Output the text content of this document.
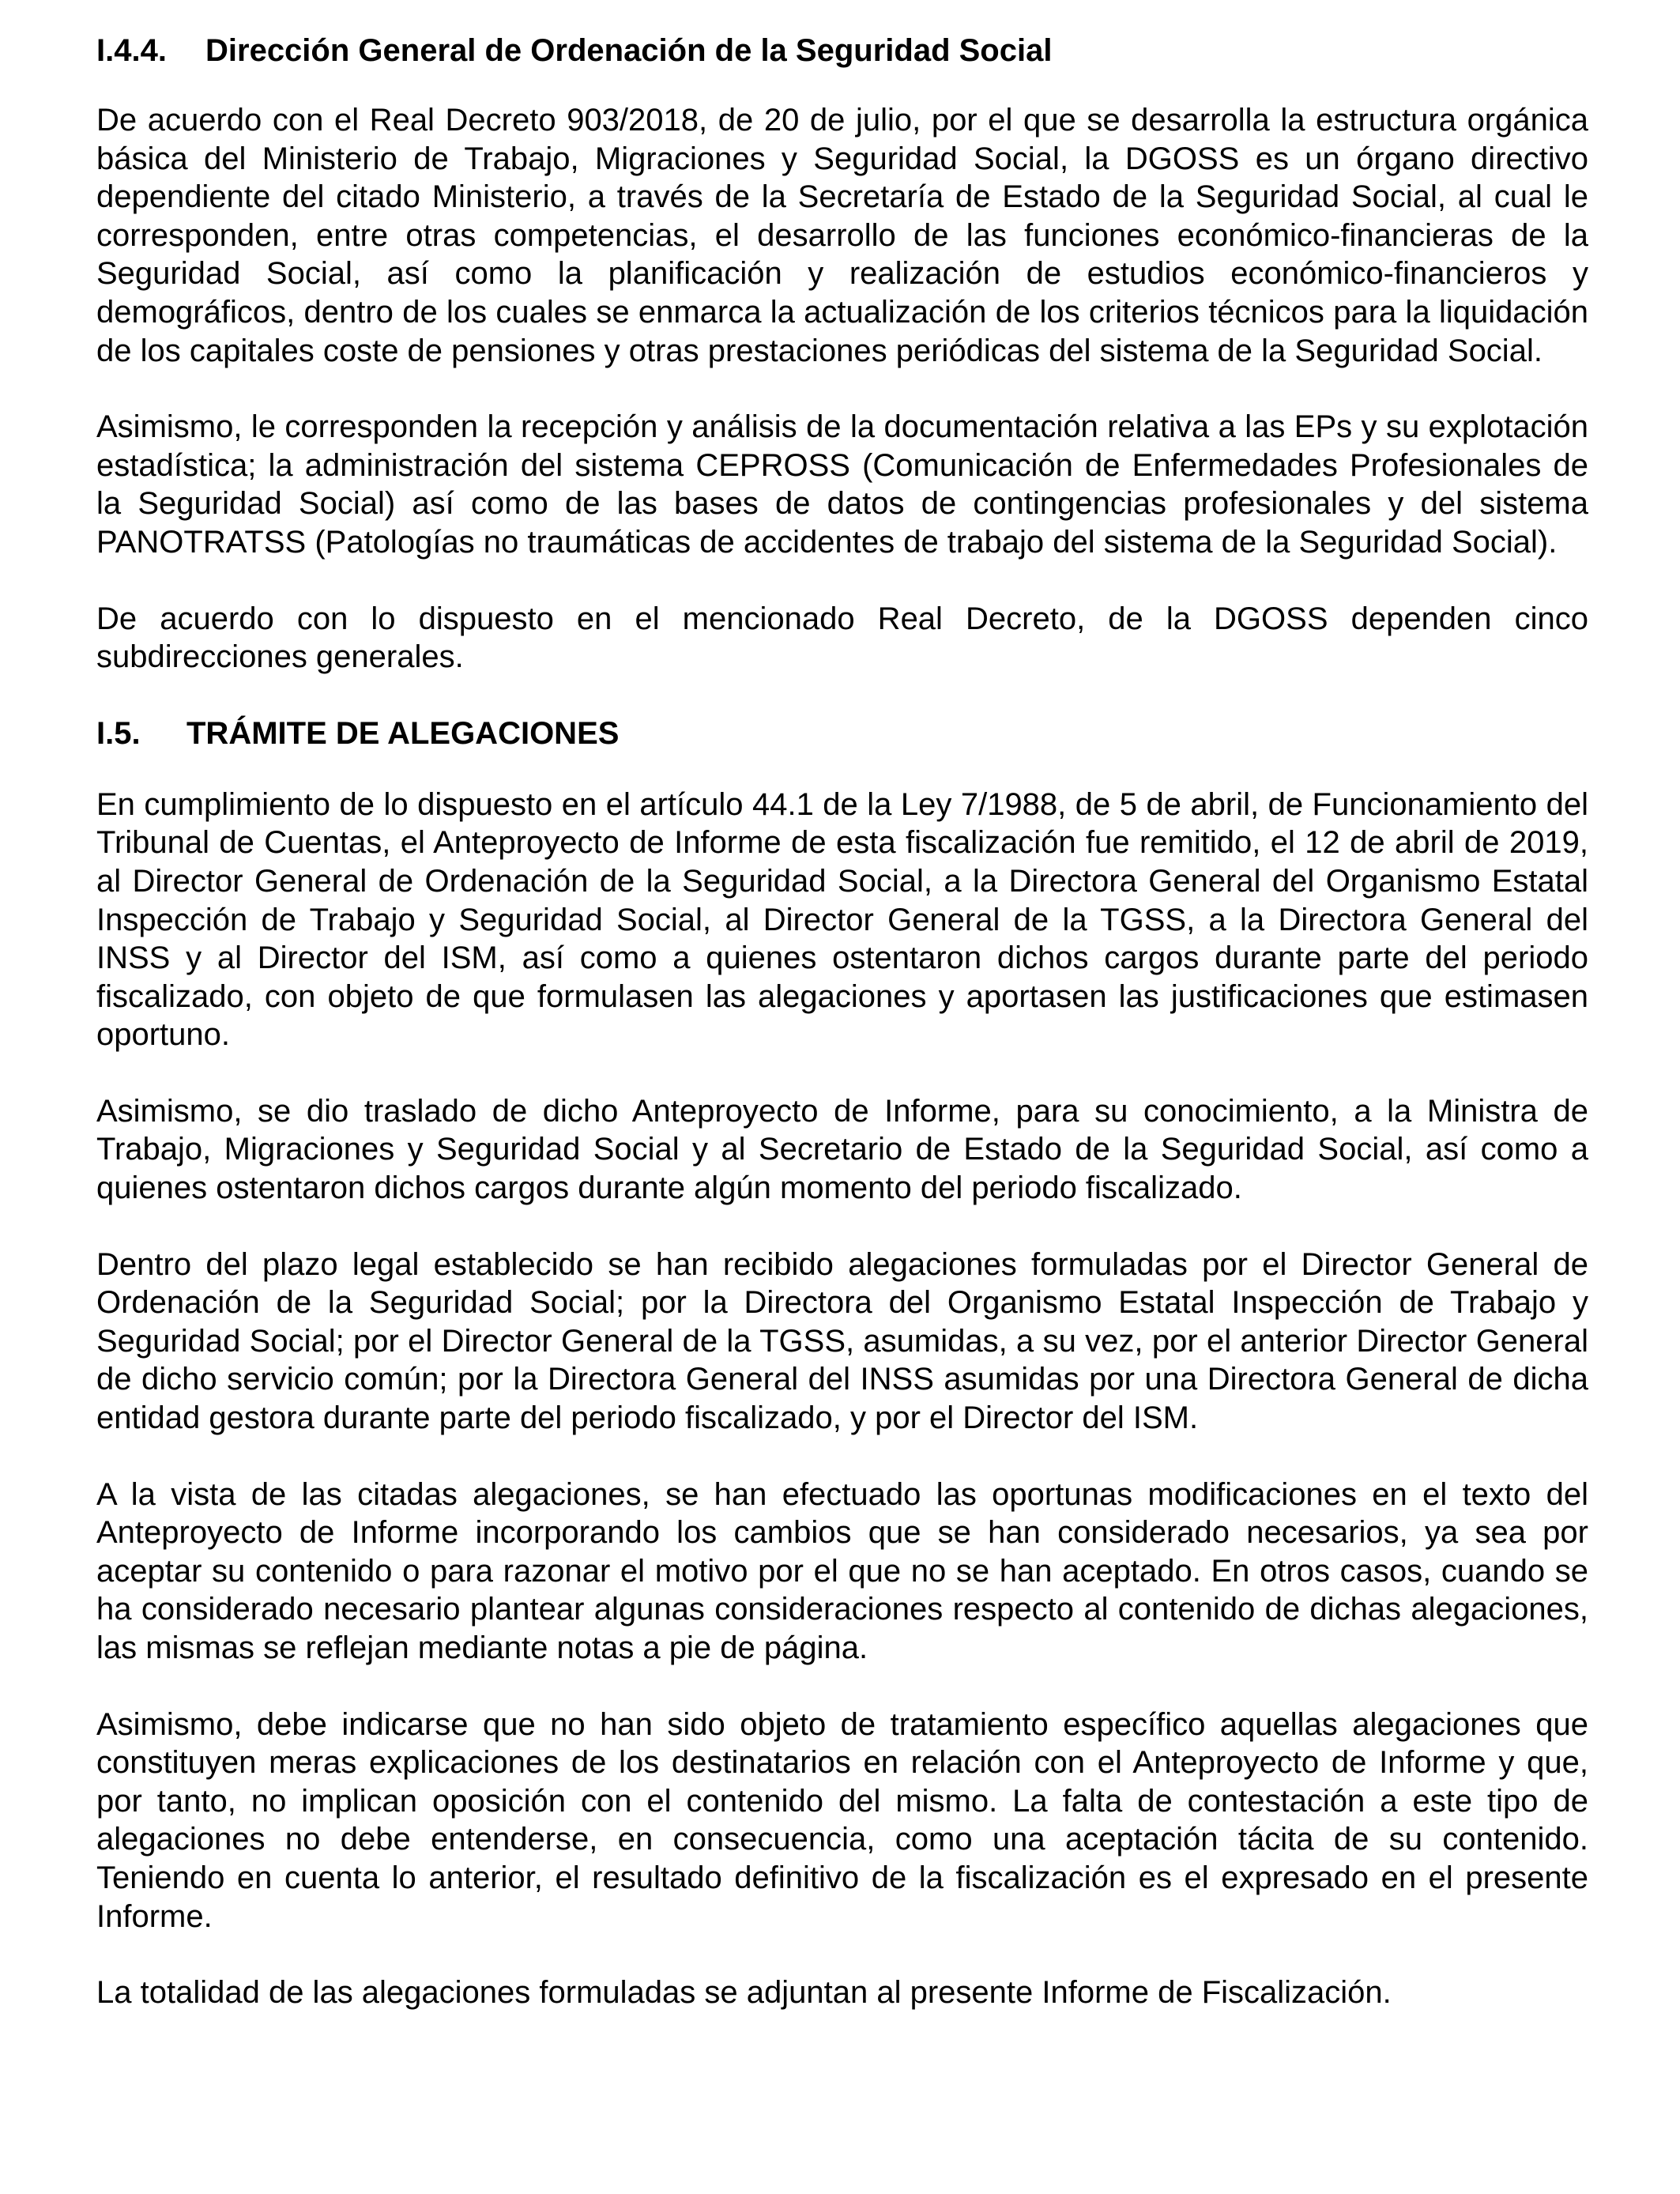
I.4.4. Dirección General de Ordenación de la Seguridad Social

De acuerdo con el Real Decreto 903/2018, de 20 de julio, por el que se desarrolla la estructura orgánica básica del Ministerio de Trabajo, Migraciones y Seguridad Social, la DGOSS es un órgano directivo dependiente del citado Ministerio, a través de la Secretaría de Estado de la Seguridad Social, al cual le corresponden, entre otras competencias, el desarrollo de las funciones económico-financieras de la Seguridad Social, así como la planificación y realización de estudios económico-financieros y demográficos, dentro de los cuales se enmarca la actualización de los criterios técnicos para la liquidación de los capitales coste de pensiones y otras prestaciones periódicas del sistema de la Seguridad Social.

Asimismo, le corresponden la recepción y análisis de la documentación relativa a las EPs y su explotación estadística; la administración del sistema CEPROSS (Comunicación de Enfermedades Profesionales de la Seguridad Social) así como de las bases de datos de contingencias profesionales y del sistema PANOTRATSS (Patologías no traumáticas de accidentes de trabajo del sistema de la Seguridad Social).

De acuerdo con lo dispuesto en el mencionado Real Decreto, de la DGOSS dependen cinco subdirecciones generales.

I.5. TRÁMITE DE ALEGACIONES

En cumplimiento de lo dispuesto en el artículo 44.1 de la Ley 7/1988, de 5 de abril, de Funcionamiento del Tribunal de Cuentas, el Anteproyecto de Informe de esta fiscalización fue remitido, el 12 de abril de 2019, al Director General de Ordenación de la Seguridad Social, a la Directora General del Organismo Estatal Inspección de Trabajo y Seguridad Social, al Director General de la TGSS, a la Directora General del INSS y al Director del ISM, así como a quienes ostentaron dichos cargos durante parte del periodo fiscalizado, con objeto de que formulasen las alegaciones y aportasen las justificaciones que estimasen oportuno.

Asimismo, se dio traslado de dicho Anteproyecto de Informe, para su conocimiento, a la Ministra de Trabajo, Migraciones y Seguridad Social y al Secretario de Estado de la Seguridad Social, así como a quienes ostentaron dichos cargos durante algún momento del periodo fiscalizado.

Dentro del plazo legal establecido se han recibido alegaciones formuladas por el Director General de Ordenación de la Seguridad Social; por la Directora del Organismo Estatal Inspección de Trabajo y Seguridad Social; por el Director General de la TGSS, asumidas, a su vez, por el anterior Director General de dicho servicio común; por la Directora General del INSS asumidas por una Directora General de dicha entidad gestora durante parte del periodo fiscalizado, y por el Director del ISM.

A la vista de las citadas alegaciones, se han efectuado las oportunas modificaciones en el texto del Anteproyecto de Informe incorporando los cambios que se han considerado necesarios, ya sea por aceptar su contenido o para razonar el motivo por el que no se han aceptado. En otros casos, cuando se ha considerado necesario plantear algunas consideraciones respecto al contenido de dichas alegaciones, las mismas se reflejan mediante notas a pie de página.

Asimismo, debe indicarse que no han sido objeto de tratamiento específico aquellas alegaciones que constituyen meras explicaciones de los destinatarios en relación con el Anteproyecto de Informe y que, por tanto, no implican oposición con el contenido del mismo. La falta de contestación a este tipo de alegaciones no debe entenderse, en consecuencia, como una aceptación tácita de su contenido. Teniendo en cuenta lo anterior, el resultado definitivo de la fiscalización es el expresado en el presente Informe.

La totalidad de las alegaciones formuladas se adjuntan al presente Informe de Fiscalización.
